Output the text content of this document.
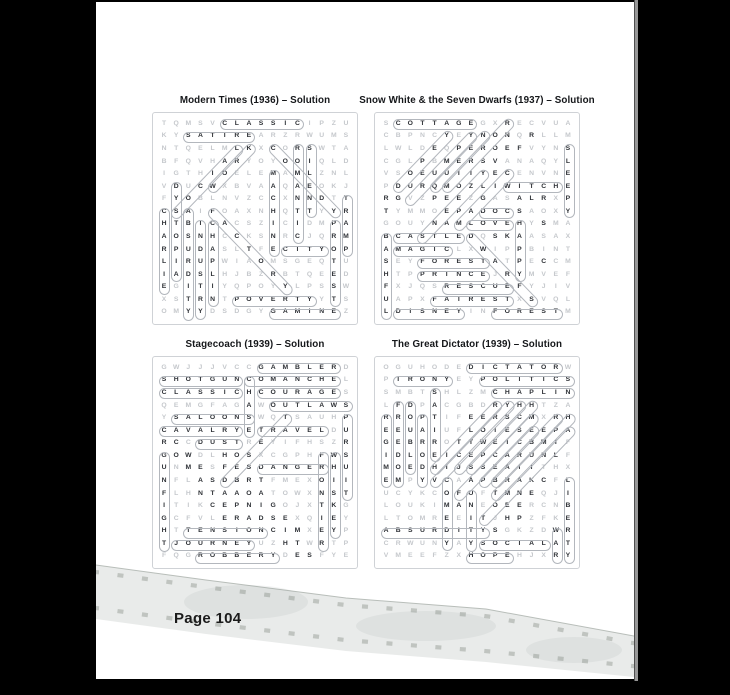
Modern Times (1936) – Solution
T	Q M	S	V	C	L	A	S	S	I	C	I	P	Z	U
K	Y	S	A	T	I	R	E	A	R	Z	R W U	M	S
N	T	Q	E	L	M	L	K	X	C	O	R	S W	T	A
B	F	Q	V	H	A	R	Y	O	Y	O	O	I	Q	L	D
I	G	T	H	I	O	E	L	E	M	A	M	L	Z	N	L
V	D	U	C W X	B	V	A	A	Q	A	E	O	K	J
F	Y	O	B	L	N	V	Z	C	C	X	N	N	D	T	T
C	S	A	I	F	O	A	X	N	H	Q	T	T	Y	Y	R
H	T	B	I	C	A	C	S	Z	I	C	I	D	M	P	A
A	O	S	N	H	C	C	K	S	N	R	C	J	Q	R	M
R	P	U	D	A	S	L	T	F	E	C	I	T	Y	O	P
L	I	R	U	P W	I	A	O M	S	G	E	Q	T	U
I	A	D	S	L	H	J	B	Z	R	B	T	Q	E	E	D
E	G	I	T	I	Y	Q	P	O	Y	Y	L	P	S	S W
X	S	T	R	N	T	P	O	V	E	R	T	Y	Y	T	S
O M	Y	Y	D	S	D	G	Y	G	A	M	I	N	E	Z
Snow White & the Seven Dwarfs (1937) – Solution
S	C	O	T	T	A	G	E	G	X	R	E	C	V	U	A
C	B	P	N	C	Y	E	Y	N	O	N	Q	R	L	L	M
L	W	L	D	E	Q	P	E	R	O	E	F	V	Y	N	S
C	G	L	P	B	M	E	R	S	V	A	N	A	Q	Y	L
V	S	O	E	U	U	I	I	Y	E	C	E	N	V	N	E
P	D	U	R	Q M O	Z	L	I	W	I	T	C	H	E
R	G	V	Z	P	E	E	Z	G	A	S	A	L	R	X	P
T	Y	M M O	E	P	A	D	O	C	S	A	O	X	Y
G	O	U	Y	N	A	M	L	O	V	E	H	Y	S	M	A
B	C	A	S	T	L	E	D	Q	S	K	A	A	S	A	X
A	M	A	G	I	C	L	X W	I	P	P	B	I	N	T
S	E	Y	F	O	R	E	S	T	A	T	P	E	C	C	M
H	T	P	P	R	I	N	C	E	J	R	Y	M	V	E	F
F	X	J	Q	S	R	E	S	C	U	E	F	Y	J	I	V
U	A	P	X	F	A	I	R	E	S	T	X	S	V	Q	L
L	D	I	S	N	E	Y	I	N	F	O	R	E	S	T	M
Stagecoach (1939) – Solution
G W	J	J	J	V	C	C	G	A	M	B	L	E	R	D
S	H	O	T	G	U	N	C	O M	A	N	C	H	E	L
C	L	A	S	S	I	C	H	C	O	U	R	A	G	E	S
Q	E	M G	F	A	G	A W O	U	T	L	A W S
Y	S	A	L	O	O	N	S W Q	T	S	A	U	H	P
C	A	V	A	L	R	Y	E	T	R	A	V	E	L	D	U
R	C	C	D	U	S	T	R	E	Y	I	F	H	S	Z	R
G	O W D	L	H	O	S	X	C	G	P	H	F	W S
U	N	M	E	S	F	E	S	D	A	N	G	E	R	H	U
N	F	L	A	S	D	B	R	T	F	M	E	X	O	I	I
F	L	H	N	T	A	A	O	A	T	O W X	N	S	T
I	T	I	K	C	E	P	N	I	G	O	J	X	T	K	G
G	C	F	V	L	E	R	A	D	S	E	X	Q	I	E	Y
H	T	T	E	N	S	I	O	N	C	I	M	X	E	Y	P
T	J	O	U	R	N	E	Y	U	Z	H	T	W R	T	P
F	Q	G	R	O	B	B	E	R	Y	D	E	S	F	Y	E
The Great Dictator (1939) – Solution
O	G	U	H	O	D	E	D	I	C	T	A	T	O	R W
P	I	R	O	N	Y	E	Y	P	O	L	I	T	I	C	S
S	M	B	T	S	H	L	Z	M	C	H	A	P	L	I	N
L	F	D	P	A	C	G	B	D	R	Y	H	H	T	Z	A
R	R	O	P	T	I	F	E	E	R	S	C	M	X	R	H
E	E	U	A	I	U	F	L	O	I	E	S	E	E	P	A
G	E	B	R	R	O	T	T	W E	I	C	B	M	I	F
I	D	L	O	E	I	C	E	P	C	A	R	U	N	L	F
M O	E	D	H	I	J	S	S	E	A	I	I	T	H	X
E	M	P	Y	V	C	A	A	P	B	R	A	K	C	F	L
U	C	Y	K	C	O	F	U	F	T	M	N	E	Q	J	I
L	O	U	K	I	M	A	N	E	O	E	E	R	C	N	B
L	T	O M	R	E	E	I	T	J	H	P	Z	F	K	E
A	B	S	U	R	D	I	T	Y	S	G	K	Z	D W R
C	R W U	N	Y	A	Y	S	O	C	I	A	L	A	T
V	M	E	E	F	Z	X	H	O	P	E	H	J	X	R	Y
Page 104
